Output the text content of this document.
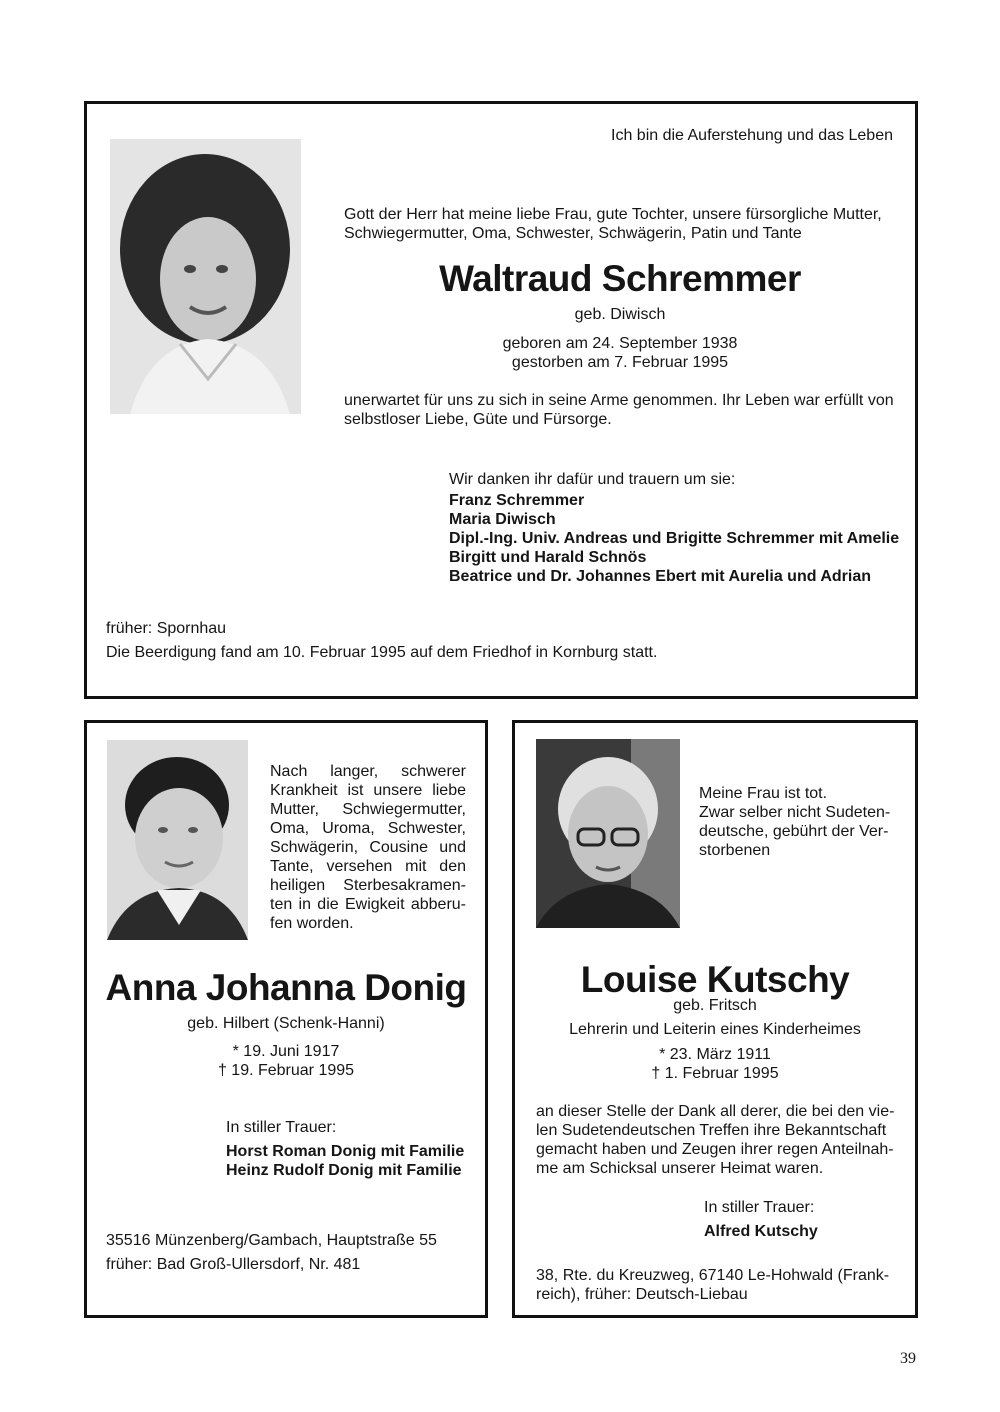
Ich bin die Auferstehung und das Leben
Gott der Herr hat meine liebe Frau, gute Tochter, unsere fürsorgliche Mutter,
Schwiegermutter, Oma, Schwester, Schwägerin, Patin und Tante
Waltraud Schremmer
geb. Diwisch
geboren am 24. September 1938
gestorben am 7. Februar 1995
unerwartet für uns zu sich in seine Arme genommen. Ihr Leben war erfüllt von
selbstloser Liebe, Güte und Fürsorge.
Wir danken ihr dafür und trauern um sie:
Franz Schremmer
Maria Diwisch
Dipl.-Ing. Univ. Andreas und Brigitte Schremmer mit Amelie
Birgitt und Harald Schnös
Beatrice und Dr. Johannes Ebert mit Aurelia und Adrian
früher: Spornhau
Die Beerdigung fand am 10. Februar 1995 auf dem Friedhof in Kornburg statt.
Nach langer, schwerer
Krankheit ist unsere liebe
Mutter, Schwiegermutter,
Oma, Uroma, Schwester,
Schwägerin, Cousine und
Tante, versehen mit den
heiligen Sterbesakramen-
ten in die Ewigkeit abberu-
fen worden.
Anna Johanna Donig
geb. Hilbert (Schenk-Hanni)
* 19. Juni 1917
† 19. Februar 1995
In stiller Trauer:
Horst Roman Donig mit Familie
Heinz Rudolf Donig mit Familie
35516 Münzenberg/Gambach, Hauptstraße 55
früher: Bad Groß-Ullersdorf, Nr. 481
Meine Frau ist tot.
Zwar selber nicht Sudeten-
deutsche, gebührt der Ver-
storbenen
Louise Kutschy
geb. Fritsch
Lehrerin und Leiterin eines Kinderheimes
* 23. März 1911
† 1. Februar 1995
an dieser Stelle der Dank all derer, die bei den vie-
len Sudetendeutschen Treffen ihre Bekanntschaft
gemacht haben und Zeugen ihrer regen Anteilnah-
me am Schicksal unserer Heimat waren.
In stiller Trauer:
Alfred Kutschy
38, Rte. du Kreuzweg, 67140 Le-Hohwald (Frank-
reich), früher: Deutsch-Liebau
39
